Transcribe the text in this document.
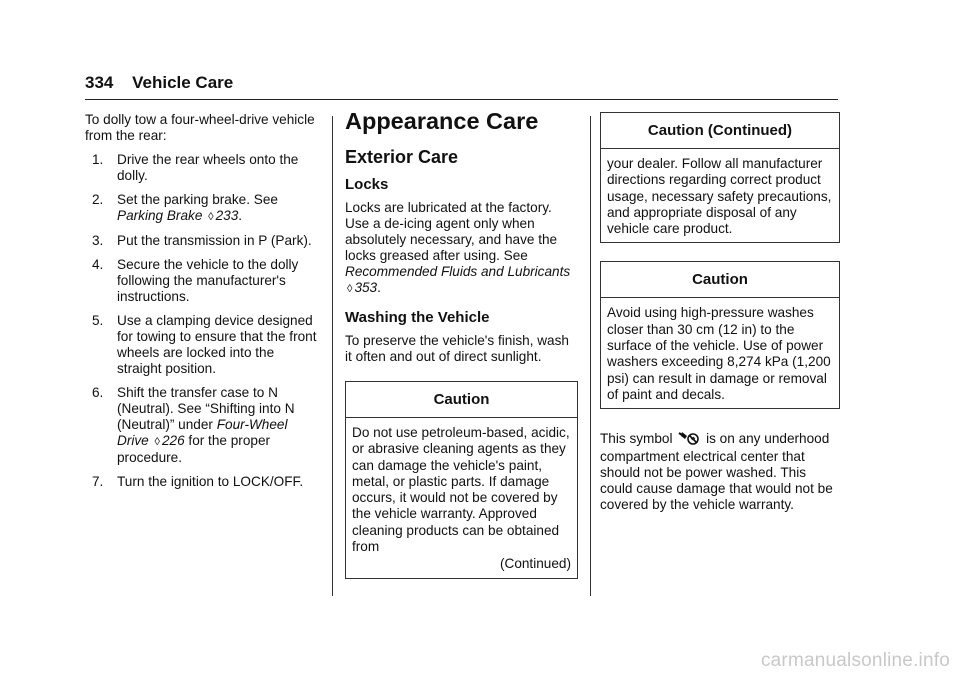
334 Vehicle Care

To dolly tow a four-wheel-drive vehicle from the rear:

1. Drive the rear wheels onto the dolly.
2. Set the parking brake. See Parking Brake ◊ 233.
3. Put the transmission in P (Park).
4. Secure the vehicle to the dolly following the manufacturer's instructions.
5. Use a clamping device designed for towing to ensure that the front wheels are locked into the straight position.
6. Shift the transfer case to N (Neutral). See “Shifting into N (Neutral)” under Four-Wheel Drive ◊ 226 for the proper procedure.
7. Turn the ignition to LOCK/OFF.
Appearance Care
Exterior Care
Locks

Locks are lubricated at the factory. Use a de-icing agent only when absolutely necessary, and have the locks greased after using. See Recommended Fluids and Lubricants ◊ 353.

Washing the Vehicle

To preserve the vehicle's finish, wash it often and out of direct sunlight.

Caution
Do not use petroleum-based, acidic, or abrasive cleaning agents as they can damage the vehicle's paint, metal, or plastic parts. If damage occurs, it would not be covered by the vehicle warranty. Approved cleaning products can be obtained from
(Continued)
Caution (Continued)
your dealer. Follow all manufacturer directions regarding correct product usage, necessary safety precautions, and appropriate disposal of any vehicle care product.
Caution
Avoid using high-pressure washes closer than 30 cm (12 in) to the surface of the vehicle. Use of power washers exceeding 8,274 kPa (1,200 psi) can result in damage or removal of paint and decals.

This symbol  is on any underhood compartment electrical center that should not be power washed. This could cause damage that would not be covered by the vehicle warranty.

carmanualsonline.info
